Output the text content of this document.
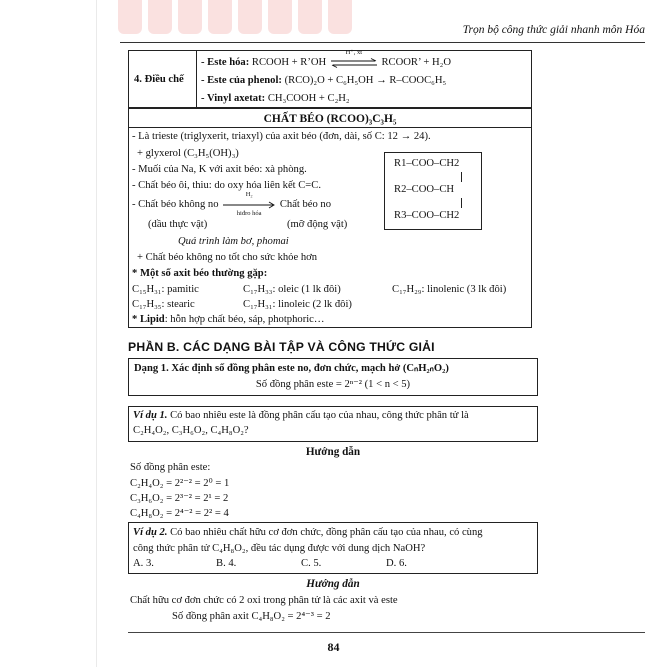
Trọn bộ công thức giải nhanh môn Hóa
4. Điều chế
- Este hóa: RCOOH + R’OH
H⁺, xt
RCOOR’ + H₂O
- Este của phenol: (RCO)₂O + C₆H₅OH → R–COOC₆H₅
- Vinyl axetat: CH₃COOH + C₂H₂
CHẤT BÉO (RCOO)₃C₃H₅
- Là trieste (triglyxerit, triaxyl) của axit béo (đơn, dài, số C: 12 → 24).
+ glyxerol (C₃H₅(OH)₃)
- Muối của Na, K với axit béo: xà phòng.
- Chất béo ôi, thiu: do oxy hóa liên kết C=C.
- Chất béo không no
H₂
hiđro hóa
Chất béo no
(dầu thực vật)	(mỡ động vật)
Quá trình làm bơ, phomai
+ Chất béo không no tốt cho sức khỏe hơn
* Một số axit béo thường gặp:
C₁₅H₃₁: pamitic	C₁₇H₃₃: oleic (1 lk đôi)	C₁₇H₂₉: linolenic (3 lk đôi)
C₁₇H₃₅: stearic	C₁₇H₃₁: linoleic (2 lk đôi)
* Lipid: hỗn hợp chất béo, sáp, photphoric…
R1–COO–CH2
R2–COO–CH
R3–COO–CH2
PHẦN B. CÁC DẠNG BÀI TẬP VÀ CÔNG THỨC GIẢI
Dạng 1. Xác định số đồng phân este no, đơn chức, mạch hở (CₙH₂ₙO₂)
Số đồng phân este = 2ⁿ⁻² (1 < n < 5)
Ví dụ 1. Có bao nhiêu este là đồng phân cấu tạo của nhau, công thức phân tử là
C₂H₄O₂, C₃H₆O₂, C₄H₈O₂?
Hướng dẫn
Số đồng phân este:
C₂H₄O₂ = 2²⁻² = 2⁰ = 1
C₃H₆O₂ = 2³⁻² = 2¹ = 2
C₄H₈O₂ = 2⁴⁻² = 2² = 4
Ví dụ 2. Có bao nhiêu chất hữu cơ đơn chức, đồng phân cấu tạo của nhau, có cùng
công thức phân tử C₄H₈O₂, đều tác dụng được với dung dịch NaOH?
A. 3.	B. 4.	C. 5.	D. 6.
Hướng dẫn
Chất hữu cơ đơn chức có 2 oxi trong phân tử là các axit và este
Số đồng phân axit C₄H₈O₂ = 2⁴⁻³ = 2
84
